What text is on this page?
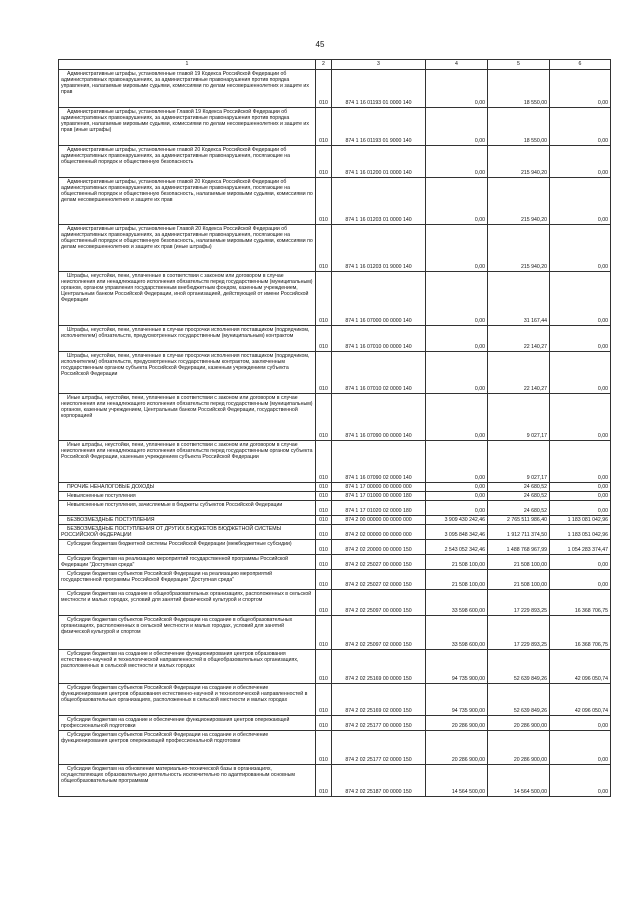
45
1	2	3	4	5	6
Административные штрафы, установленные главой 19 Кодекса Российской Федерации об административных правонарушениях, за административные правонарушения против порядка управления, налагаемые мировыми судьями, комиссиями по делам несовершеннолетних и защите их прав	010	874 1 16 01193 01 0000 140	0,00	18 550,00	0,00
Административные штрафы, установленные Главой 19 Кодекса Российской Федерации об административных правонарушениях, за административные правонарушения против порядка управления, налагаемые мировыми судьями, комиссиями по делам несовершеннолетних и защите их прав (иные штрафы)	010	874 1 16 01193 01 9000 140	0,00	18 550,00	0,00
Административные штрафы, установленные главой 20 Кодекса Российской Федерации об административных правонарушениях, за административные правонарушения, посягающие на общественный порядок и общественную безопасность	010	874 1 16 01200 01 0000 140	0,00	215 940,20	0,00
Административные штрафы, установленные главой 20 Кодекса Российской Федерации об административных правонарушениях, за административные правонарушения, посягающие на общественный порядок и общественную безопасность, налагаемые мировыми судьями, комиссиями по делам несовершеннолетних и защите их прав	010	874 1 16 01203 01 0000 140	0,00	215 940,20	0,00
Административные штрафы, установленные Главой 20 Кодекса Российской Федерации об административных правонарушениях, за административные правонарушения, посягающие на общественный порядок и общественную безопасность, налагаемые мировыми судьями, комиссиями по делам несовершеннолетних и защите их прав (иные штрафы)	010	874 1 16 01203 01 9000 140	0,00	215 940,20	0,00
Штрафы, неустойки, пени, уплаченные в соответствии с законом или договором в случае неисполнения или ненадлежащего исполнения обязательств перед государственным (муниципальным) органом, органом управления государственным внебюджетным фондом, казенным учреждением, Центральным банком Российской Федерации, иной организацией, действующей от имени Российской Федерации	010	874 1 16 07000 00 0000 140	0,00	31 167,44	0,00
Штрафы, неустойки, пени, уплаченные в случае просрочки исполнения поставщиком (подрядчиком, исполнителем) обязательств, предусмотренных государственным (муниципальным) контрактом	010	874 1 16 07010 00 0000 140	0,00	22 140,27	0,00
Штрафы, неустойки, пени, уплаченные в случае просрочки исполнения поставщиком (подрядчиком, исполнителем) обязательств, предусмотренных государственным контрактом, заключенным государственным органом субъекта Российской Федерации, казенным учреждением субъекта Российской Федерации	010	874 1 16 07010 02 0000 140	0,00	22 140,27	0,00
Иные штрафы, неустойки, пени, уплаченные в соответствии с законом или договором в случае неисполнения или ненадлежащего исполнения обязательств перед государственным (муниципальным) органом, казенным учреждением, Центральным банком Российской Федерации, государственной корпорацией	010	874 1 16 07090 00 0000 140	0,00	9 027,17	0,00
Иные штрафы, неустойки, пени, уплаченные в соответствии с законом или договором в случае неисполнения или ненадлежащего исполнения обязательств перед государственным органом субъекта Российской Федерации, казенным учреждением субъекта Российской Федерации	010	874 1 16 07090 02 0000 140	0,00	9 027,17	0,00
ПРОЧИЕ НЕНАЛОГОВЫЕ ДОХОДЫ	010	874 1 17 00000 00 0000 000	0,00	24 680,52	0,00
Невыясненные поступления	010	874 1 17 01000 00 0000 180	0,00	24 680,52	0,00
Невыясненные поступления, зачисляемые в бюджеты субъектов Российской Федерации	010	874 1 17 01020 02 0000 180	0,00	24 680,52	0,00
БЕЗВОЗМЕЗДНЫЕ ПОСТУПЛЕНИЯ	010	874 2 00 00000 00 0000 000	3 909 430 242,46	2 765 511 986,40	1 183 081 042,96
БЕЗВОЗМЕЗДНЫЕ ПОСТУПЛЕНИЯ ОТ ДРУГИХ БЮДЖЕТОВ БЮДЖЕТНОЙ СИСТЕМЫ РОССИЙСКОЙ ФЕДЕРАЦИИ	010	874 2 02 00000 00 0000 000	3 095 848 342,46	1 912 711 374,50	1 183 051 042,96
Субсидии бюджетам бюджетной системы Российской Федерации (межбюджетные субсидии)	010	874 2 02 20000 00 0000 150	2 543 052 342,46	1 488 768 967,99	1 054 283 374,47
Субсидии бюджетам на реализацию мероприятий государственной программы Российской Федерации "Доступная среда"	010	874 2 02 25027 00 0000 150	21 508 100,00	21 508 100,00	0,00
Субсидии бюджетам субъектов Российской Федерации на реализацию мероприятий государственной программы Российской Федерации "Доступная среда"	010	874 2 02 25027 02 0000 150	21 508 100,00	21 508 100,00	0,00
Субсидии бюджетам на создание в общеобразовательных организациях, расположенных в сельской местности и малых городах, условий для занятий физической культурой и спортом	010	874 2 02 25097 00 0000 150	33 598 600,00	17 229 893,25	16 368 706,75
Субсидии бюджетам субъектов Российской Федерации на создание в общеобразовательных организациях, расположенных в сельской местности и малых городах, условий для занятий физической культурой и спортом	010	874 2 02 25097 02 0000 150	33 598 600,00	17 229 893,25	16 368 706,75
Субсидии бюджетам на создание и обеспечение функционирования центров образования естественно-научной и технологической направленностей в общеобразовательных организациях, расположенных в сельской местности и малых городах	010	874 2 02 25169 00 0000 150	94 735 900,00	52 639 849,26	42 096 050,74
Субсидии бюджетам субъектов Российской Федерации на создание и обеспечение функционирования центров образования естественно-научной и технологической направленностей в общеобразовательных организациях, расположенных в сельской местности и малых городах	010	874 2 02 25169 02 0000 150	94 735 900,00	52 639 849,26	42 096 050,74
Субсидии бюджетам на создание и обеспечение функционирования центров опережающей профессиональной подготовки	010	874 2 02 25177 00 0000 150	20 286 900,00	20 286 900,00	0,00
Субсидии бюджетам субъектов Российской Федерации на создание и обеспечение функционирования центров опережающей профессиональной подготовки	010	874 2 02 25177 02 0000 150	20 286 900,00	20 286 900,00	0,00
Субсидии бюджетам на обновление материально-технической базы в организациях, осуществляющих образовательную деятельность исключительно по адаптированным основным общеобразовательным программам	010	874 2 02 25187 00 0000 150	14 564 500,00	14 564 500,00	0,00
